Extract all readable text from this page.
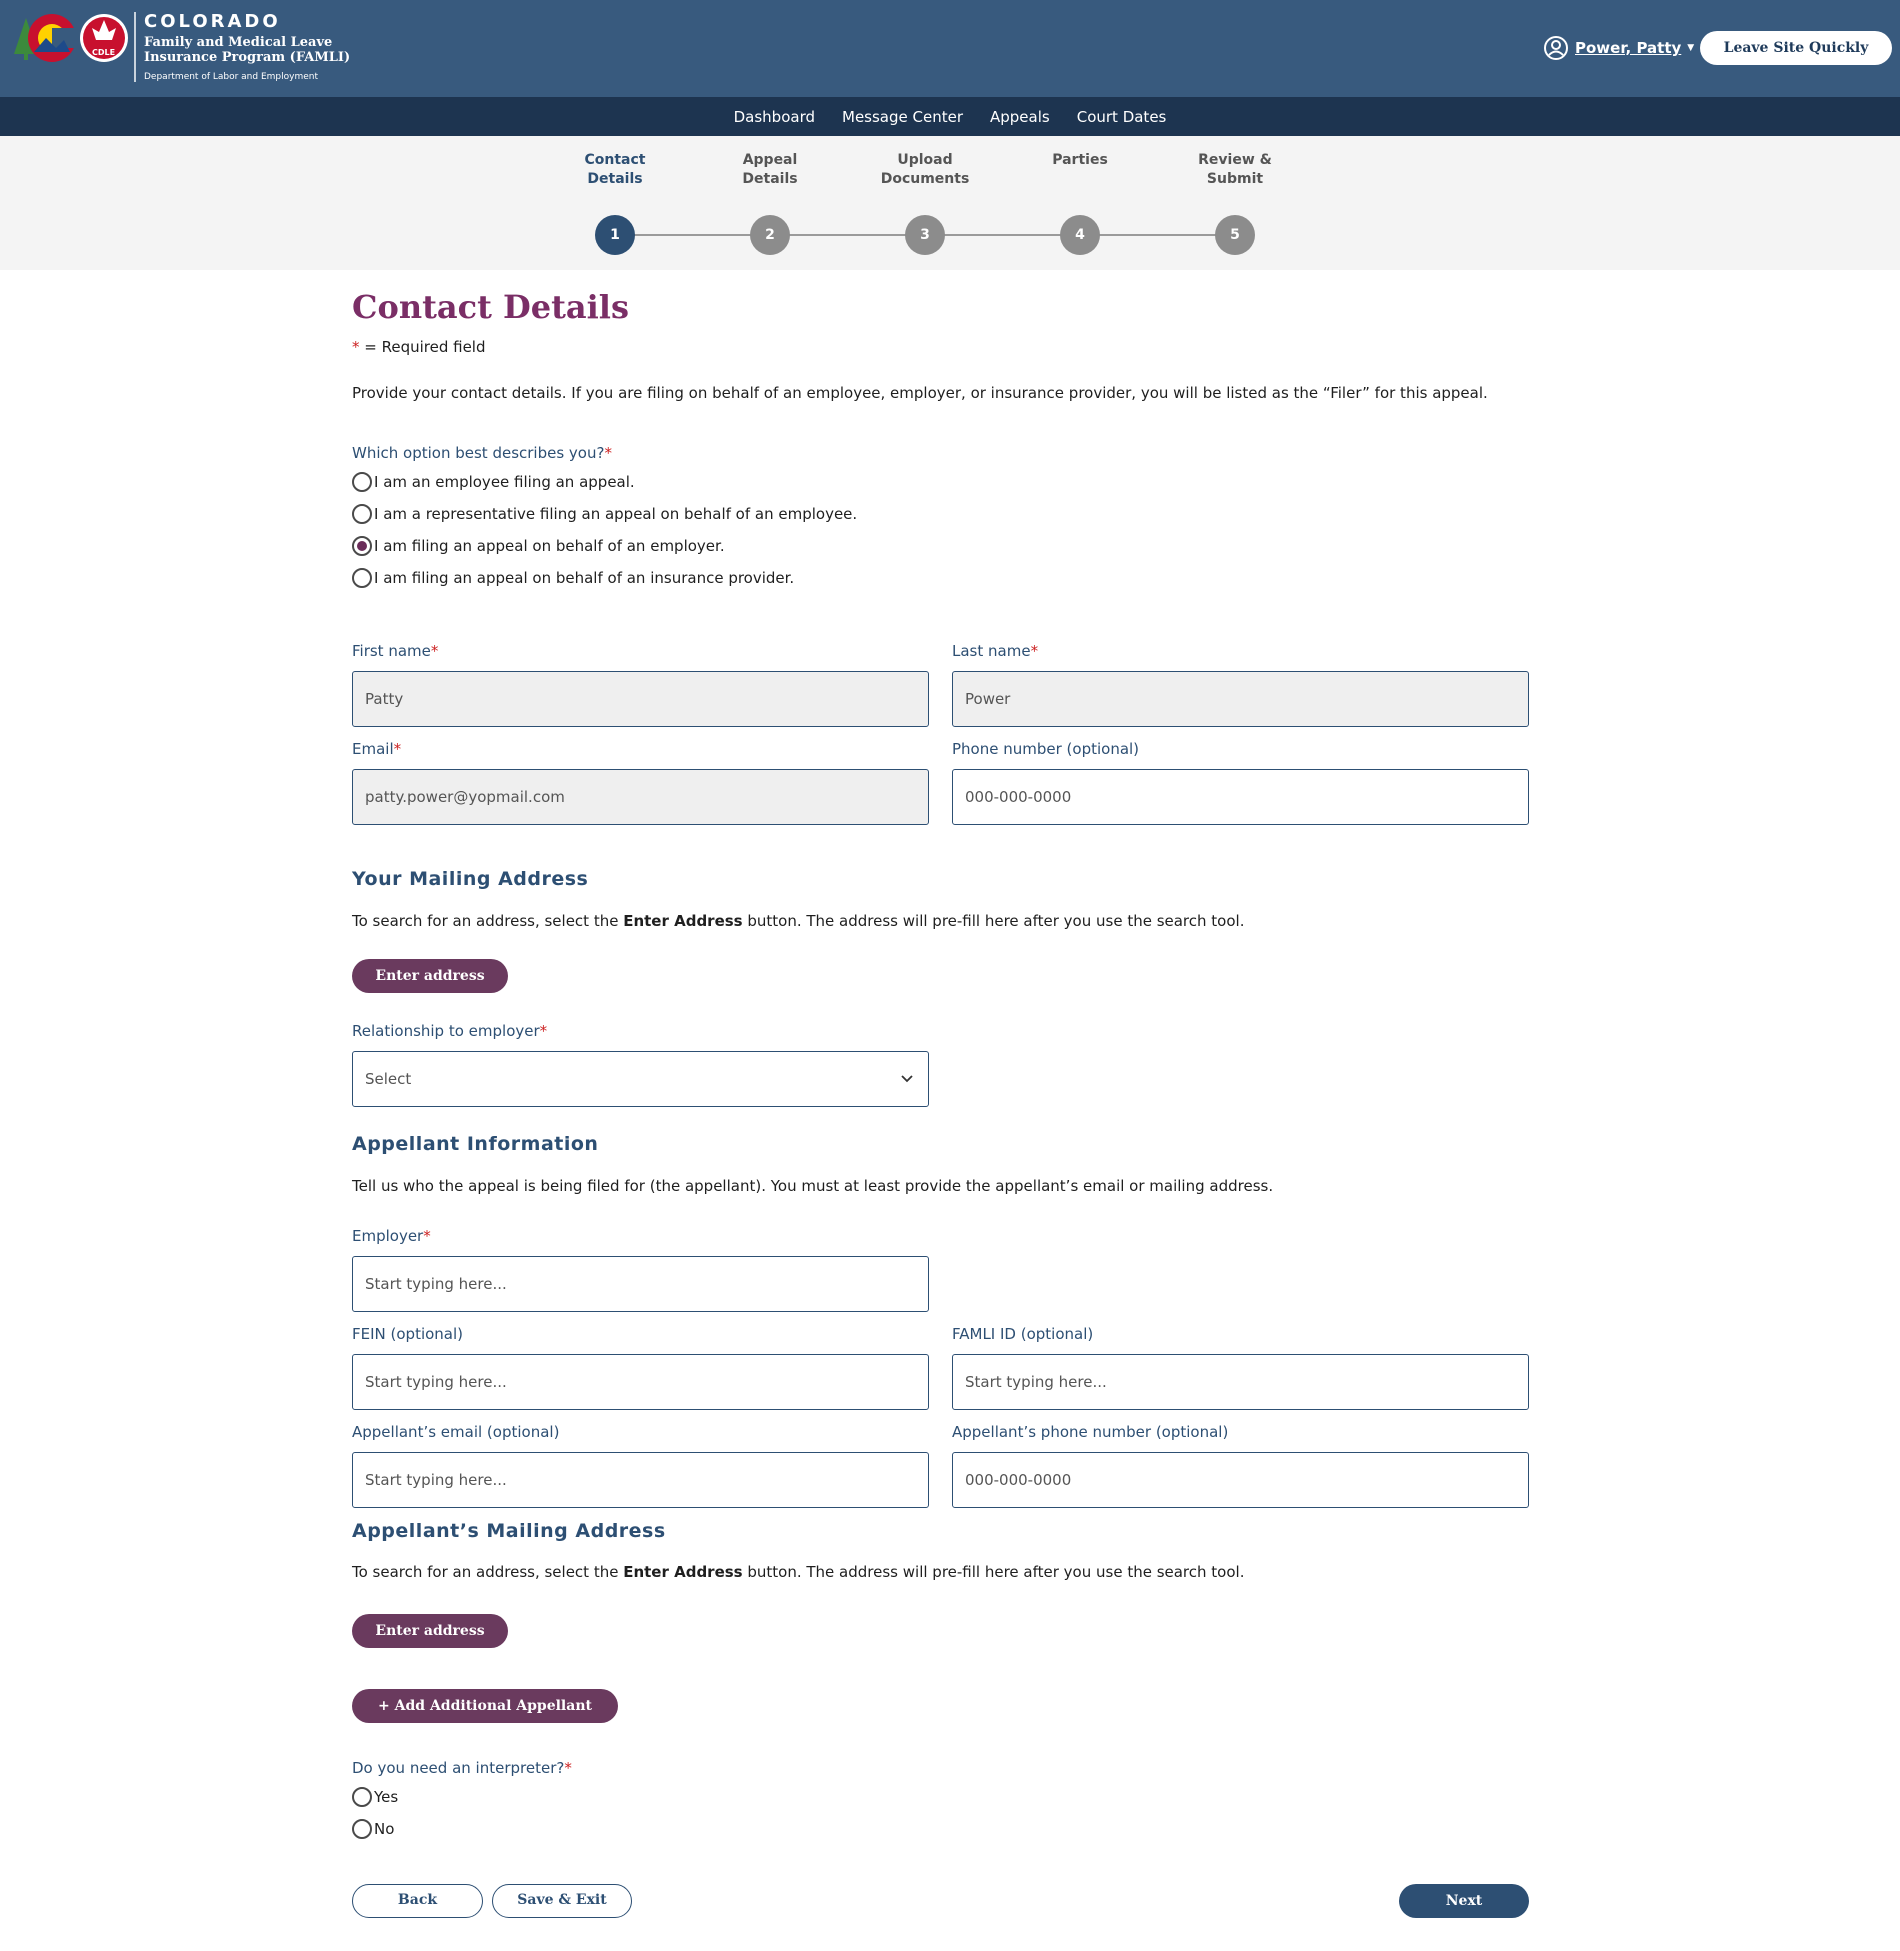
CDLE
COLORADO
Family and Medical Leave
Insurance Program (FAMLI)
Department of Labor and Employment
Power, Patty ▼	Leave Site Quickly
Dashboard Message Center Appeals Court Dates
Contact
Details
1
Appeal
Details
2
Upload
Documents
3
Parties
4
Review &
Submit
5
Contact Details
* = Required field

Provide your contact details. If you are filing on behalf of an employee, employer, or insurance provider, you will be listed as the “Filer” for this appeal.

Which option best describes you?*
I am an employee filing an appeal.
I am a representative filing an appeal on behalf of an employee.
I am filing an appeal on behalf of an employer.
I am filing an appeal on behalf of an insurance provider.
First name*
Patty
Last name*
Power
Email*
patty.power@yopmail.com
Phone number (optional)
000-000-0000
Your Mailing Address

To search for an address, select the Enter Address button. The address will pre-fill here after you use the search tool.

Enter address
Relationship to employer*
Select
Appellant Information

Tell us who the appeal is being filed for (the appellant). You must at least provide the appellant’s email or mailing address.

Employer*
Start typing here...
FEIN (optional)
Start typing here...
FAMLI ID (optional)
Start typing here...
Appellant’s email (optional)
Start typing here...
Appellant’s phone number (optional)
000-000-0000
Appellant’s Mailing Address

To search for an address, select the Enter Address button. The address will pre-fill here after you use the search tool.

Enter address
+ Add Additional Appellant
Do you need an interpreter?*
Yes
No
Back	Save & Exit	Next
